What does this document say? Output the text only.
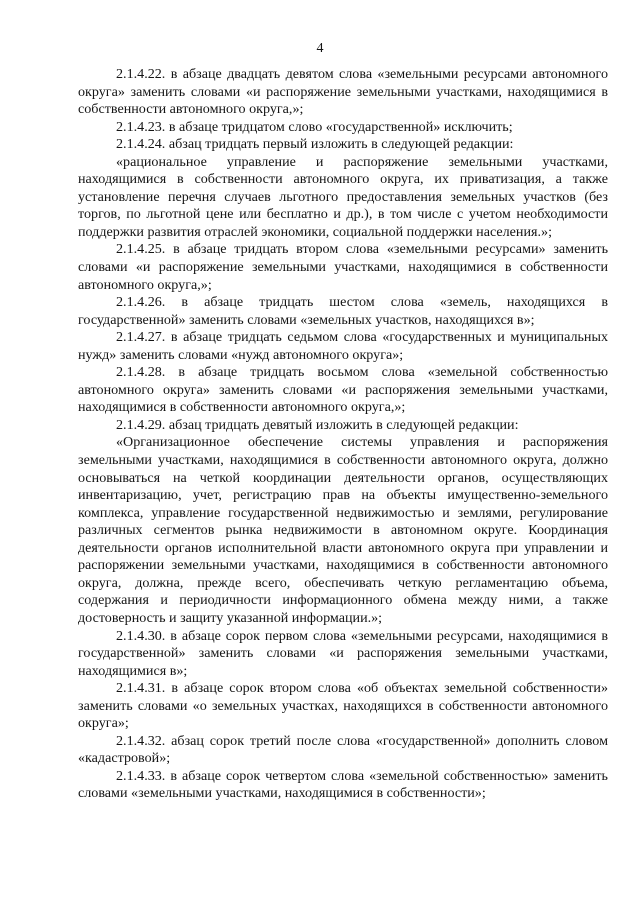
4

2.1.4.22. в абзаце двадцать девятом слова «земельными ресурсами автономного округа» заменить словами «и распоряжение земельными участками, находящимися в собственности автономного округа,»;

2.1.4.23. в абзаце тридцатом слово «государственной» исключить;

2.1.4.24. абзац тридцать первый изложить в следующей редакции:

«рациональное управление и распоряжение земельными участками, находящимися в собственности автономного округа, их приватизация, а также установление перечня случаев льготного предоставления земельных участков (без торгов, по льготной цене или бесплатно и др.), в том числе с учетом необходимости поддержки развития отраслей экономики, социальной поддержки населения.»;

2.1.4.25. в абзаце тридцать втором слова «земельными ресурсами» заменить словами «и распоряжение земельными участками, находящимися в собственности автономного округа,»;

2.1.4.26. в абзаце тридцать шестом слова «земель, находящихся в государственной» заменить словами «земельных участков, находящихся в»;

2.1.4.27. в абзаце тридцать седьмом слова «государственных и муниципальных нужд» заменить словами «нужд автономного округа»;

2.1.4.28. в абзаце тридцать восьмом слова «земельной собственностью автономного округа» заменить словами «и распоряжения земельными участками, находящимися в собственности автономного округа,»;

2.1.4.29. абзац тридцать девятый изложить в следующей редакции:

«Организационное обеспечение системы управления и распоряжения земельными участками, находящимися в собственности автономного округа, должно основываться на четкой координации деятельности органов, осуществляющих инвентаризацию, учет, регистрацию прав на объекты имущественно-земельного комплекса, управление государственной недвижимостью и землями, регулирование различных сегментов рынка недвижимости в автономном округе. Координация деятельности органов исполнительной власти автономного округа при управлении и распоряжении земельными участками, находящимися в собственности автономного округа, должна, прежде всего, обеспечивать четкую регламентацию объема, содержания и периодичности информационного обмена между ними, а также достоверность и защиту указанной информации.»;

2.1.4.30. в абзаце сорок первом слова «земельными ресурсами, находящимися в государственной» заменить словами «и распоряжения земельными участками, находящимися в»;

2.1.4.31. в абзаце сорок втором слова «об объектах земельной собственности» заменить словами «о земельных участках, находящихся в собственности автономного округа»;

2.1.4.32. абзац сорок третий после слова «государственной» дополнить словом «кадастровой»;

2.1.4.33. в абзаце сорок четвертом слова «земельной собственностью» заменить словами «земельными участками, находящимися в собственности»;
